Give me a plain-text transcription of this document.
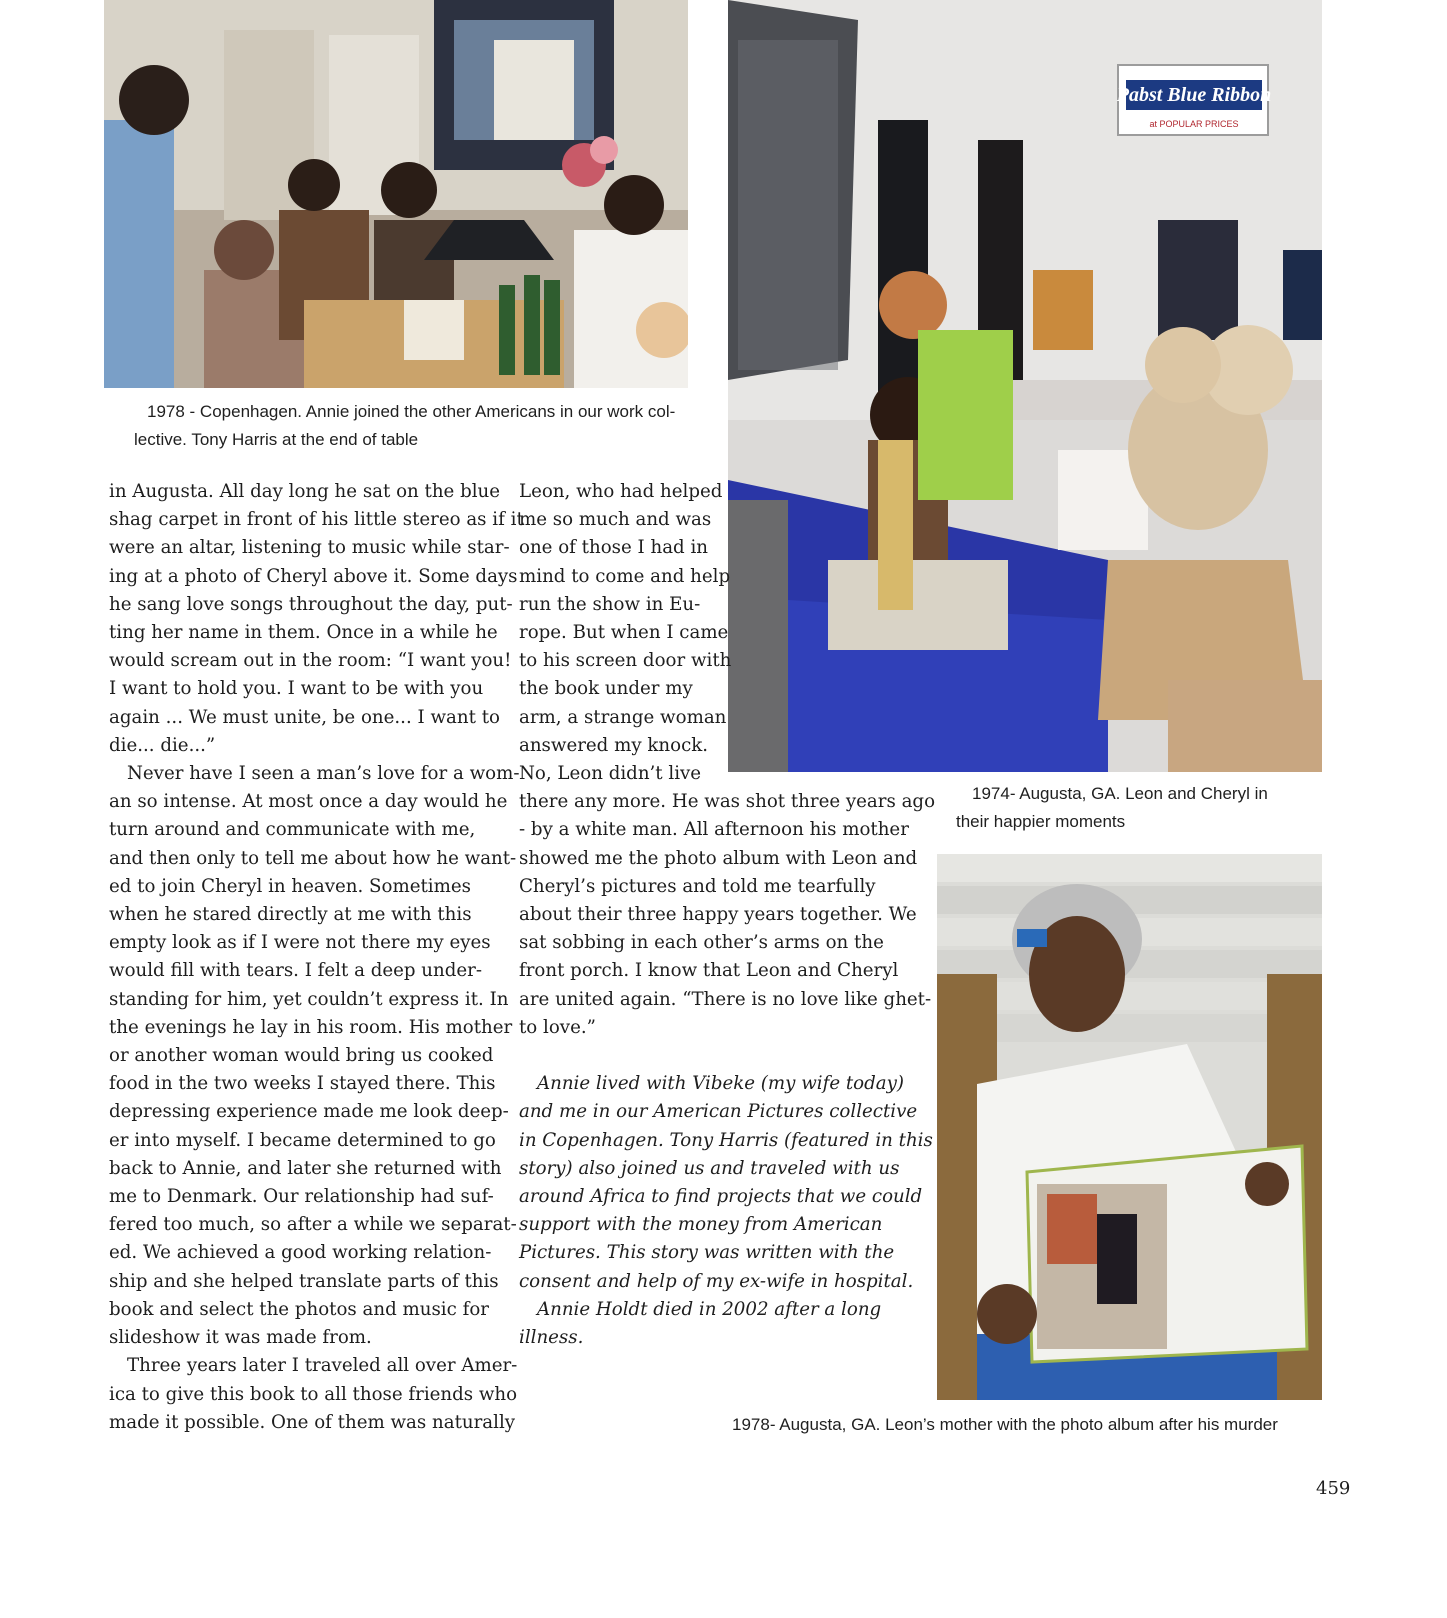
1978 - Copenhagen. Annie joined the other Americans in our work col-
lective. Tony Harris at the end of table

Pabst Blue Ribbon
at POPULAR PRICES

1974- Augusta, GA. Leon and Cheryl in
their happier moments

1978- Augusta, GA. Leon’s mother with the photo album after his murder

in Augusta. All day long he sat on the blue
shag carpet in front of his little stereo as if it
were an altar, listening to music while star-
ing at a photo of Cheryl above it. Some days
he sang love songs throughout the day, put-
ting her name in them. Once in a while he
would scream out in the room: “I want you!
I want to hold you. I want to be with you
again ... We must unite, be one... I want to
die... die...”
Never have I seen a man’s love for a wom-
an so intense. At most once a day would he
turn around and communicate with me,
and then only to tell me about how he want-
ed to join Cheryl in heaven. Sometimes
when he stared directly at me with this
empty look as if I were not there my eyes
would fill with tears. I felt a deep under-
standing for him, yet couldn’t express it. In
the evenings he lay in his room. His mother
or another woman would bring us cooked
food in the two weeks I stayed there. This
depressing experience made me look deep-
er into myself. I became determined to go
back to Annie, and later she returned with
me to Denmark. Our relationship had suf-
fered too much, so after a while we separat-
ed. We achieved a good working relation-
ship and she helped translate parts of this
book and select the photos and music for
slideshow it was made from.
Three years later I traveled all over Amer-
ica to give this book to all those friends who
made it possible. One of them was naturally
Leon, who had helped
me so much and was
one of those I had in
mind to come and help
run the show in Eu-
rope. But when I came
to his screen door with
the book under my
arm, a strange woman
answered my knock.
No, Leon didn’t live
there any more. He was shot three years ago
- by a white man. All afternoon his mother
showed me the photo album with Leon and
Cheryl’s pictures and told me tearfully
about their three happy years together. We
sat sobbing in each other’s arms on the
front porch. I know that Leon and Cheryl
are united again. “There is no love like ghet-
to love.”
Annie lived with Vibeke (my wife today)
and me in our American Pictures collective
in Copenhagen. Tony Harris (featured in this
story) also joined us and traveled with us
around Africa to find projects that we could
support with the money from American
Pictures. This story was written with the
consent and help of my ex-wife in hospital.
Annie Holdt died in 2002 after a long
illness.

459
